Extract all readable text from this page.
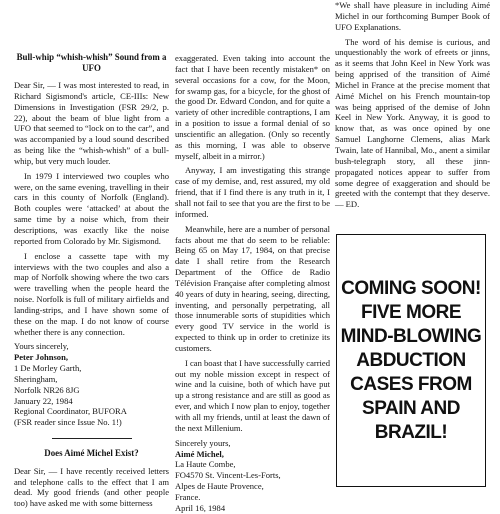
Bull-whip “whish-whish” Sound from a UFO

Dear Sir, — I was most interested to read, in Richard Sigismond's article, CE-IIIs: New Dimensions in Investigation (FSR 29/2, p. 22), about the beam of blue light from a UFO that seemed to “lock on to the car”, and was accompanied by a loud sound described as being like the “whish-whish” of a bull-whip, but very much louder.

In 1979 I interviewed two couples who were, on the same evening, travelling in their cars in this county of Norfolk (England). Both couples were ‘attacked’ at about the same time by a noise which, from their descriptions, was exactly like the noise reported from Colorado by Mr. Sigismond.

I enclose a cassette tape with my interviews with the two couples and also a map of Norfolk showing where the two cars were travelling when the people heard the noise. Norfolk is full of military airfields and landing-strips, and I have shown some of these on the map. I do not know of course whether there is any connection.

Yours sincerely,
Peter Johnson,
1 De Morley Garth,
Sheringham,
Norfolk NR26 8JG
January 22, 1984
Regional Coordinator, BUFORA
(FSR reader since Issue No. 1!)
Does Aimé Michel Exist?

Dear Sir, — I have recently received letters and telephone calls to the effect that I am dead. My good friends (and other people too) have asked me with some bitterness

exaggerated. Even taking into account the fact that I have been recently mistaken* on several occasions for a cow, for the Moon, for swamp gas, for a bicycle, for the ghost of the good Dr. Edward Condon, and for quite a variety of other incredible contraptions, I am in a position to issue a formal denial of so unscientific an allegation. (Only so recently as this morning, I was able to observe myself, albeit in a mirror.)

Anyway, I am investigating this strange case of my demise, and, rest assured, my old friend, that if I find there is any truth in it, I shall not fail to see that you are the first to be informed.

Meanwhile, here are a number of personal facts about me that do seem to be reliable: Being 65 on May 17, 1984, on that precise date I shall retire from the Research Department of the Office de Radio Télévision Française after completing almost 40 years of duty in hearing, seeing, directing, inventing, and personally perpetrating, all those innumerable sorts of stupidities which every good TV service in the world is expected to think up in order to cretinize its customers.

I can boast that I have successfully carried out my noble mission except in respect of wine and la cuisine, both of which have put up a strong resistance and are still as good as ever, and which I now plan to enjoy, together with all my friends, until at least the dawn of the next Millenium.

Sincerely yours,
Aimé Michel,
La Haute Combe,
FO4570 St. Vincent-Les-Forts,
Alpes de Haute Provence,
France.
April 16, 1984

*We shall have pleasure in including Aimé Michel in our forthcoming Bumper Book of UFO Explanations.

The word of his demise is curious, and unquestionably the work of efreets or jinns, as it seems that John Keel in New York was being apprised of the transition of Aimé Michel in France at the precise moment that Aimé Michel on his French mountain-top was being apprised of the demise of John Keel in New York. Anyway, it is good to know that, as was once opined by one Samuel Langhorne Clemens, alias Mark Twain, late of Hannibal, Mo., anent a similar bush-telegraph story, all these jinn-propagated notices appear to suffer from some degree of exaggeration and should be greeted with the contempt that they deserve. — ED.

COMING SOON!
FIVE MORE
MIND-BLOWING
ABDUCTION
CASES FROM
SPAIN AND
BRAZIL!
